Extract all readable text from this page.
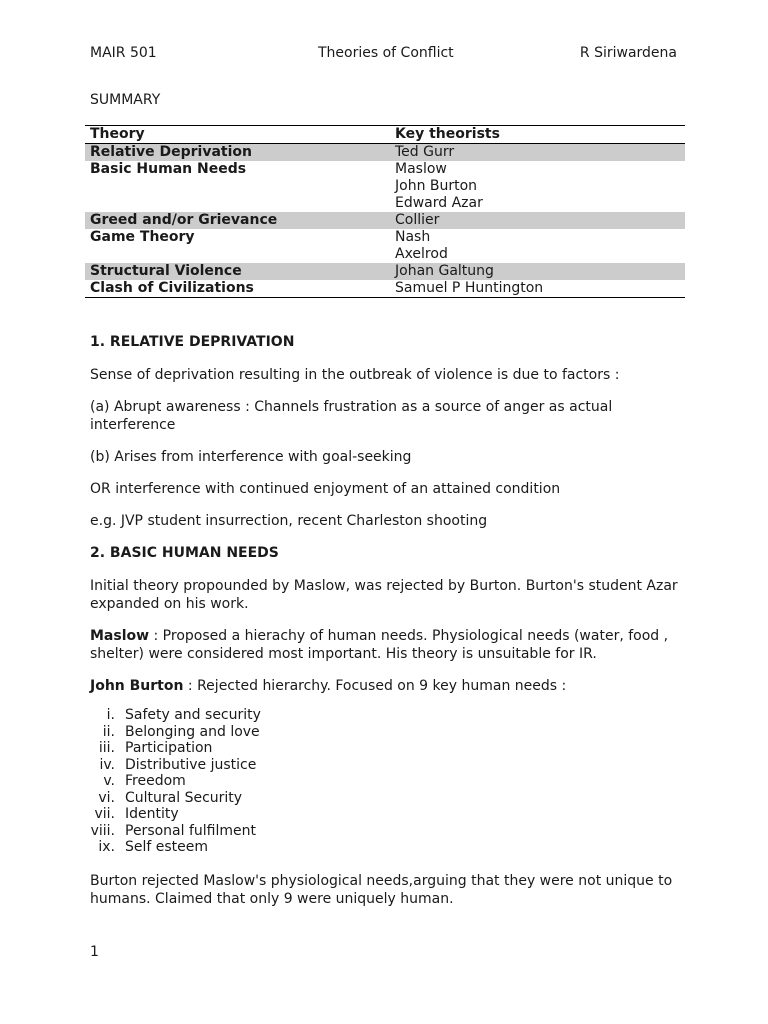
MAIR 501	Theories of Conflict	R Siriwardena
SUMMARY
Theory	Key theorists
Relative Deprivation	Ted Gurr

Basic Human Needs	Maslow
John Burton
Edward Azar

Greed and/or Grievance	Collier

Game Theory	Nash
Axelrod

Structural Violence	Johan Galtung

Clash of Civilizations	Samuel P Huntington
1. RELATIVE DEPRIVATION

Sense of deprivation resulting in the outbreak of violence is due to factors :

(a) Abrupt awareness : Channels frustration as a source of anger as actual interference

(b) Arises from interference with goal-seeking

OR interference with continued enjoyment of an attained condition

e.g. JVP student insurrection, recent Charleston shooting

2. BASIC HUMAN NEEDS

Initial theory propounded by Maslow, was rejected by Burton. Burton's student Azar expanded on his work.

Maslow : Proposed a hierachy of human needs. Physiological needs (water, food , shelter) were considered most important. His theory is unsuitable for IR.

John Burton : Rejected hierarchy. Focused on 9 key human needs :

i. Safety and security
ii. Belonging and love
iii. Participation
iv. Distributive justice
v. Freedom
vi. Cultural Security
vii. Identity
viii. Personal fulfilment
ix. Self esteem

Burton rejected Maslow's physiological needs,arguing that they were not unique to humans. Claimed that only 9 were uniquely human.

1
